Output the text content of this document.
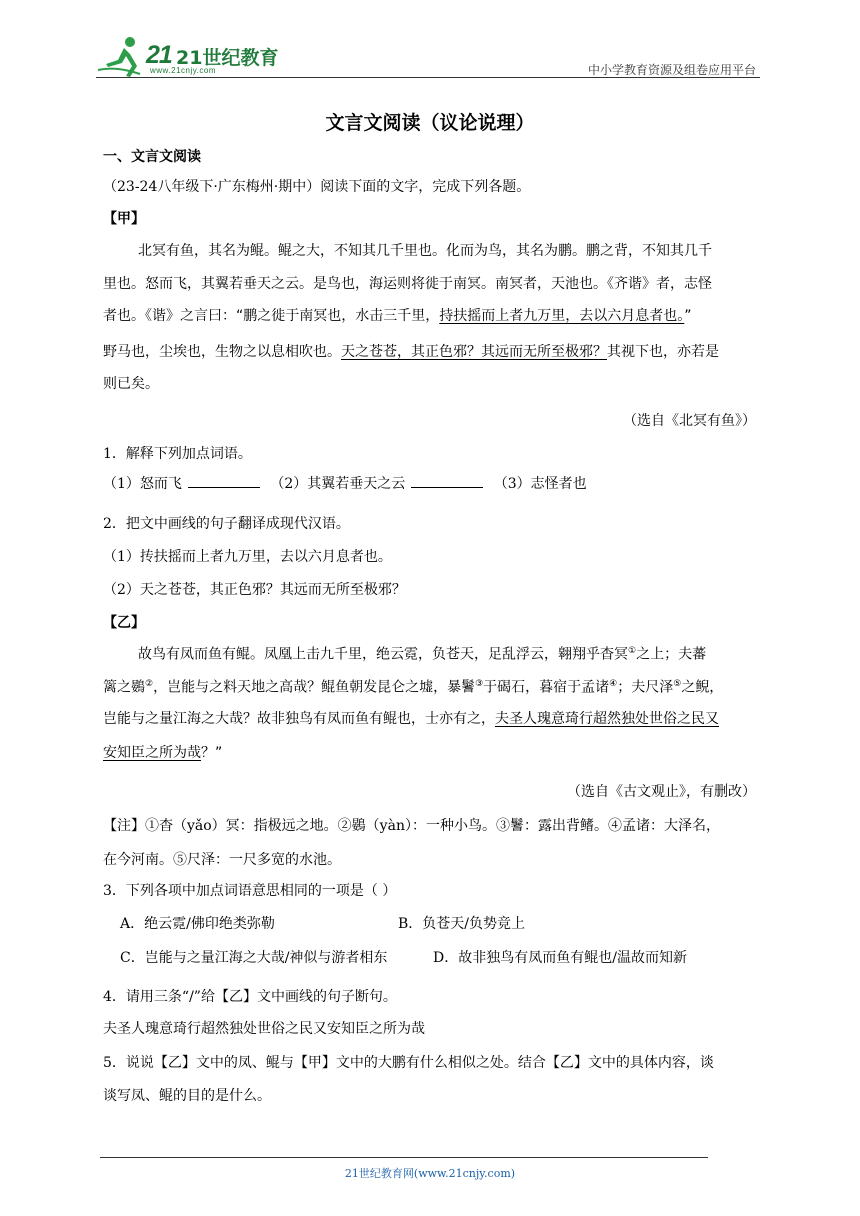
21 21世纪教育
www.21cnjy.com	中小学教育资源及组卷应用平台
文言文阅读（议论说理）
一、文言文阅读
（23-24八年级下·广东梅州·期中）阅读下面的文字，完成下列各题。
【甲】
北冥有鱼，其名为鲲。鲲之大，不知其几千里也。化而为鸟，其名为鹏。鹏之背，不知其几千
里也。怒而飞，其翼若垂天之云。是鸟也，海运则将徙于南冥。南冥者，天池也。《齐谐》者，志怪
者也。《谐》之言曰：“鹏之徙于南冥也，水击三千里，持扶摇而上者九万里，去以六月息者也。”
野马也，尘埃也，生物之以息相吹也。天之苍苍，其正色邪？其远而无所至极邪？其视下也，亦若是
则已矣。
（选自《北冥有鱼》）
1．解释下列加点词语。
（1）怒而飞	（2）其翼若垂天之云	（3）志怪者也
2．把文中画线的句子翻译成现代汉语。
（1）抟扶摇而上者九万里，去以六月息者也。
（2）天之苍苍，其正色邪？其远而无所至极邪？
【乙】
故鸟有凤而鱼有鲲。凤凰上击九千里，绝云霓，负苍天，足乱浮云，翱翔乎杳冥①之上；夫蕃
篱之鷃②，岂能与之料天地之高哉？鲲鱼朝发昆仑之墟，暴鬐③于碣石，暮宿于孟诸④；夫尺泽⑤之鲵，
岂能与之量江海之大哉？故非独鸟有凤而鱼有鲲也，士亦有之，夫圣人瑰意琦行超然独处世俗之民又
安知臣之所为哉？”
（选自《古文观止》，有删改）
【注】①杳（yǎo）冥：指极远之地。②鷃（yàn）：一种小鸟。③鬐：露出背鳍。④孟诸：大泽名，
在今河南。⑤尺泽：一尺多宽的水池。
3．下列各项中加点词语意思相同的一项是（ ）
A．绝云霓/佛印绝类弥勒	B．负苍天/负势竞上
C．岂能与之量江海之大哉/神似与游者相东	D．故非独鸟有凤而鱼有鲲也/温故而知新
4．请用三条“/”给【乙】文中画线的句子断句。
夫圣人瑰意琦行超然独处世俗之民又安知臣之所为哉
5．说说【乙】文中的凤、鲲与【甲】文中的大鹏有什么相似之处。结合【乙】文中的具体内容，谈
谈写凤、鲲的目的是什么。
21世纪教育网(www.21cnjy.com)
